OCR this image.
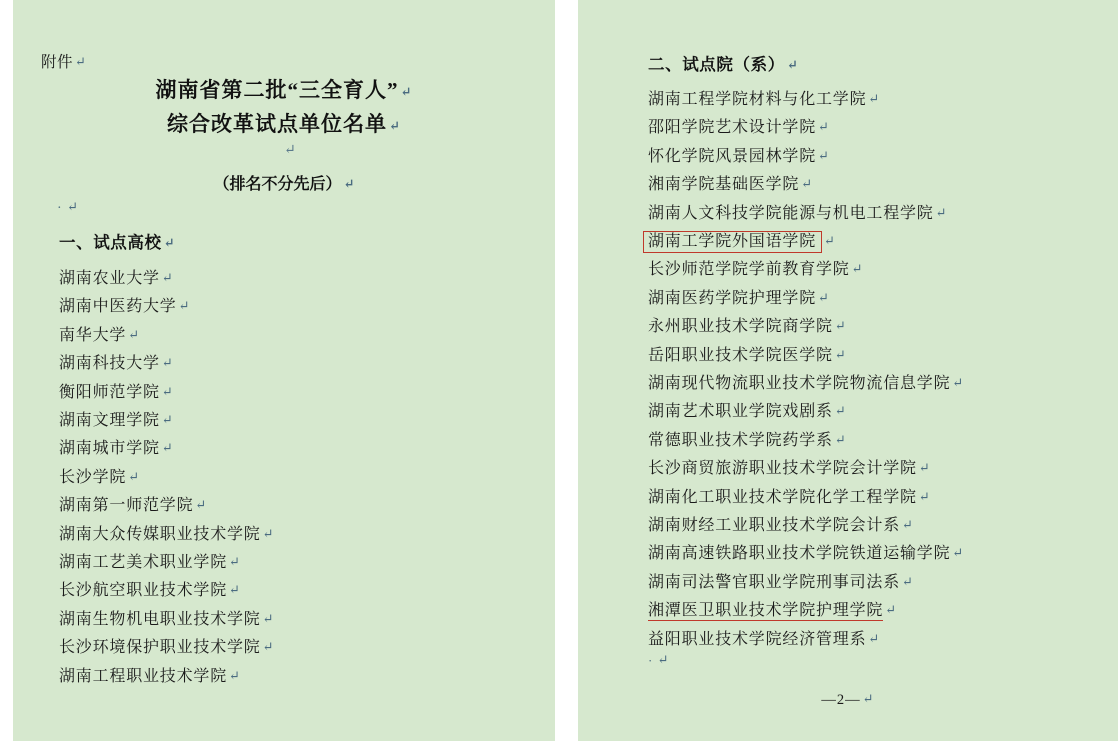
附件 ↵
湖南省第二批“三全育人” ↵
综合改革试点单位名单 ↵
↵
（排名不分先后） ↵
· ↵
一、试点高校 ↵
湖南农业大学 ↵
湖南中医药大学 ↵
南华大学 ↵
湖南科技大学 ↵
衡阳师范学院 ↵
湖南文理学院 ↵
湖南城市学院 ↵
长沙学院 ↵
湖南第一师范学院 ↵
湖南大众传媒职业技术学院 ↵
湖南工艺美术职业学院 ↵
长沙航空职业技术学院 ↵
湖南生物机电职业技术学院 ↵
长沙环境保护职业技术学院 ↵
湖南工程职业技术学院 ↵
二、试点院（系） ↵
湖南工程学院材料与化工学院 ↵
邵阳学院艺术设计学院 ↵
怀化学院风景园林学院 ↵
湘南学院基础医学院 ↵
湖南人文科技学院能源与机电工程学院 ↵
湖南工学院外国语学院 ↵
长沙师范学院学前教育学院 ↵
湖南医药学院护理学院 ↵
永州职业技术学院商学院 ↵
岳阳职业技术学院医学院 ↵
湖南现代物流职业技术学院物流信息学院 ↵
湖南艺术职业学院戏剧系 ↵
常德职业技术学院药学系 ↵
长沙商贸旅游职业技术学院会计学院 ↵
湖南化工职业技术学院化学工程学院 ↵
湖南财经工业职业技术学院会计系 ↵
湖南高速铁路职业技术学院铁道运输学院 ↵
湖南司法警官职业学院刑事司法系 ↵
湘潭医卫职业技术学院护理学院 ↵
益阳职业技术学院经济管理系 ↵
· ↵
—2— ↵
